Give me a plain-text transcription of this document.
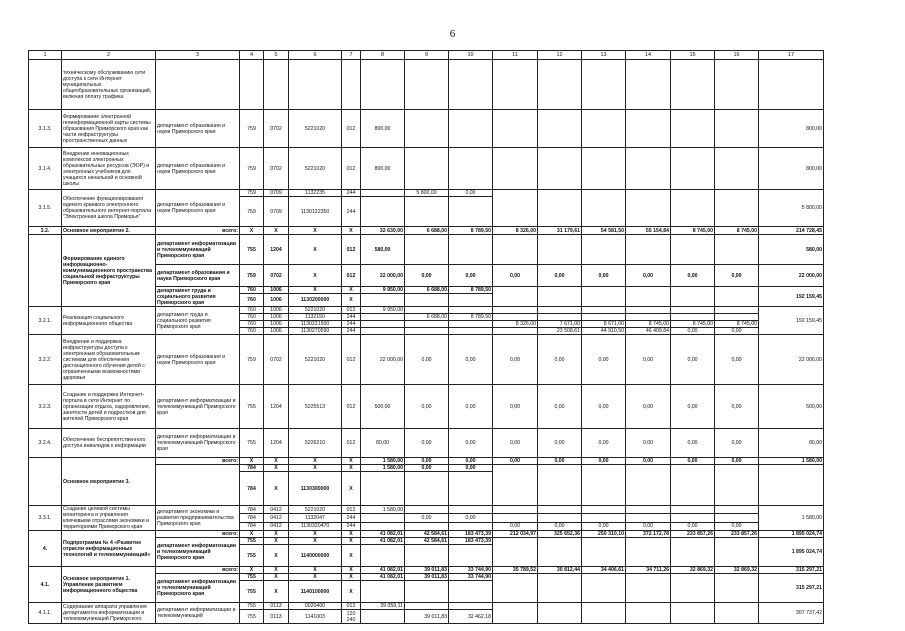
6
1	2	3	4	5	6	7	8	9	10	11	12	13	14	15	16	17
	техническому обслуживанию сети доступа к сети Интернет муниципальных общеобразовательных организаций, включая оплату трафика															
3.1.3.	Формирование электронной геоинформационной карты системы образования Приморского края как части инфраструктуры пространственных данных	департамент образования и науки Приморского края	759	0702	5221020	012	800,00									800,00
3.1.4.	Внедрение инновационных комплексов электронных образовательных ресурсов (ЭОР) и электронных учебников для учащихся начальной и основной школы	департамент образования и науки Приморского края	759	0702	5221020	012	800,00									800,00
3.1.5.	Обеспечение функционирования единого краевого электронного образовательного интернет-портала "Электронная школа Приморья"	департамент образования и науки Приморского края	759	0709	1132235	244		5 800,00	0,00							5 800,00
			759	0709	1130122350	244										
3.2.	Основное мероприятие 2.	всего:	X	X	X	X	32 630,00	6 688,00	8 789,50	8 326,00	31 179,61	54 581,50	55 154,84	8 745,00	8 745,00	214 728,45
	Формирование единого информационно-коммуникационного пространства социальной инфраструктуры Приморского края	департамент информатизации и телекоммуникаций Приморского края	755	1204	X	012	580,00									580,00
		департамент образования и науки Приморского края	759	0702	X	012	22 000,00	0,00	0,00	0,00	0,00	0,00	0,00	0,00	0,00	22 000,00
		департамент труда и социального развития Приморского края	760	1006	X	X	9 950,00	6 688,00	8 789,50							192 159,45
			760	1006	1130200000	X										
3.2.1.	Реализация социального информационного общества	департамент труда и социального развития Приморского края	760	1006	5221020	012	9 950,00									192 159,45
			760	1006	1132150	244		6 688,00	8 789,50							
			760	1006	1130221500	244				8 326,00	7 671,00	8 671,00	8 745,00	8 745,00	8 745,00	
			760	1006	1130270590	244					23 508,61	44 910,50	46 409,84	0,00	0,00	
3.2.2.	Внедрение и поддержка инфраструктуры доступа к электронным образовательным системам для обеспечения дистанционного обучения детей с ограниченными возможностями здоровья	департамент образования и науки Приморского края	759	0702	5221020	012	22 000,00	0,00	0,00	0,00	0,00	0,00	0,00	0,00	0,00	22 000,00
3.2.3.	Создание и поддержка Интернет-портала в сети Интернет по организации отдыха, оздоровления, занятости детей и подростков для жителей Приморского края	департамент информатизации и телекоммуникаций Приморского края	755	1204	5225513	012	500,00	0,00	0,00	0,00	0,00	0,00	0,00	0,00	0,00	500,00
3.2.4.	Обеспечение беспрепятственного доступа инвалидов к информации	департамент информатизации и телекоммуникаций Приморского края	755	1204	5226210	012	80,00	0,00	0,00	0,00	0,00	0,00	0,00	0,00	0,00	80,00
	Основное мероприятие 3.	всего:	X	X	X	X	1 580,00	0,00	0,00	0,00	0,00	0,00	0,00	0,00	0,00	1 580,00
			784	X	X	X	1 580,00	0,00	0,00							
			784	X	1130300000	X										
3.3.1.	Создание целевой системы мониторинга и управления ключевыми отраслями экономики и территориями Приморского края	департамент экономики и развития предпринимательства Приморского края	784	0412	5221020	012	1 580,00									1 580,00
			784	0412	1132047	244		0,00	0,00							
			784	0412	1130320470	244				0,00	0,00	0,00	0,00	0,00	0,00	
4.	Подпрограмма № 4 «Развитие отрасли информационных технологий и телекоммуникаций»	всего:	X	X	X	X	41 082,01	42 584,61	183 473,39	212 034,97	325 652,36	250 310,10	372 172,78	233 857,26	233 857,26	1 895 024,74
		департамент информатизации и телекоммуникаций Приморского края	755	X	X	X	41 082,01	42 584,61	183 473,39							1 895 024,74
			755	X	1140000000	X										
4.1.	Основное мероприятие 1. Управление развитием информационного общества	всего:	X	X	X	X	41 082,01	39 011,83	33 744,90	35 789,52	30 812,44	34 406,61	34 711,26	32 869,32	32 869,32	315 297,21
		департамент информатизации и телекоммуникаций Приморского края	755	X	X	X	41 082,01	39 011,83	33 744,90							315 297,21
			755	X	1140100000	X										
4.1.1.	Содержание аппарата управления департамента информатизации и телекоммуникаций Приморского	департамент информатизации и телекоммуникаций	755	0113	0020400	012	39 059,11									307 737,42
			755	0113	1141003	120 240		39 011,83	32 462,18							
